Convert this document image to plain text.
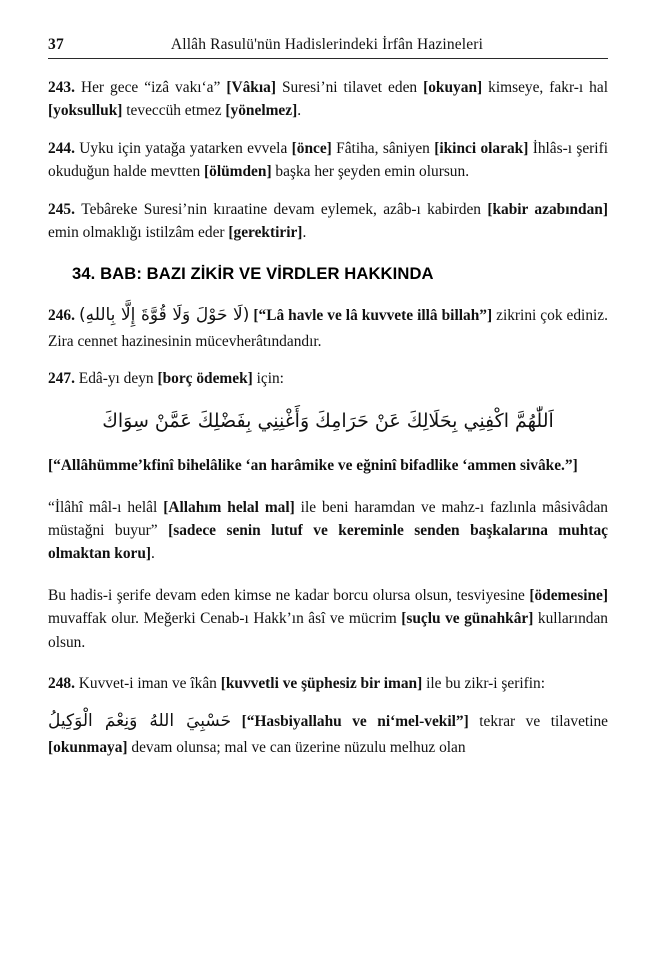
37	Allâh Rasulü'nün Hadislerindeki İrfân Hazineleri

243. Her gece “izâ vakı‘a” [Vâkıa] Suresi’ni tilavet eden [okuyan] kimseye, fakr-ı hal [yoksulluk] teveccüh etmez [yönelmez].

244. Uyku için yatağa yatarken evvela [önce] Fâtiha, sâniyen [ikinci olarak] İhlâs-ı şerifi okuduğun halde mevtten [ölümden] başka her şeyden emin olursun.

245. Tebâreke Suresi’nin kıraatine devam eylemek, azâb-ı kabirden [kabir azabından] emin olmaklığı istilzâm eder [gerektirir].

34. BAB: BAZI ZİKİR VE VİRDLER HAKKINDA

246. (لَا حَوْلَ وَلَا قُوَّةَ إِلَّا بِاللهِ) [“Lâ havle ve lâ kuvvete illâ billah”] zikrini çok ediniz. Zira cennet hazinesinin mücevherâtındandır.

247. Edâ-yı deyn [borç ödemek] için:

اَللّٰهُمَّ اكْفِنِي بِحَلَالِكَ عَنْ حَرَامِكَ وَأَغْنِنِي بِفَضْلِكَ عَمَّنْ سِوَاكَ

[“Allâhümme’kfinî bihelâlike ‘an harâmike ve eğninî bifadlike ‘ammen sivâke.”]

“İlâhî mâl-ı helâl [Allahım helal mal] ile beni haramdan ve mahz-ı fazlınla mâsivâdan müstağni buyur” [sadece senin lutuf ve kereminle senden başkalarına muhtaç olmaktan koru].

Bu hadis-i şerife devam eden kimse ne kadar borcu olursa olsun, tesviyesine [ödemesine] muvaffak olur. Meğerki Cenab-ı Hakk’ın âsî ve mücrim [suçlu ve günahkâr] kullarından olsun.

248. Kuvvet-i iman ve îkân [kuvvetli ve şüphesiz bir iman] ile bu zikr-i şerifin:

حَسْبِيَ اللهُ وَنِعْمَ الْوَكِيلُ [“Hasbiyallahu ve ni‘mel-vekil”] tekrar ve tilavetine [okunmaya] devam olunsa; mal ve can üzerine nüzulu melhuz olan
